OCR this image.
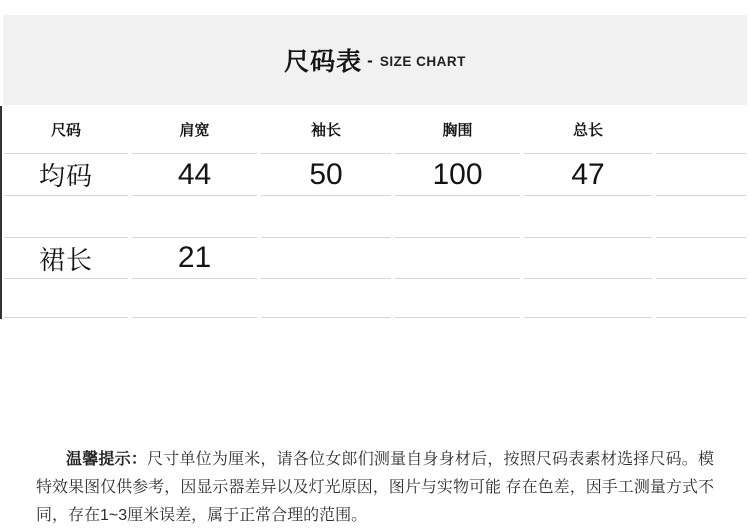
尺码表 - SIZE CHART
尺码	肩宽	袖长	胸围	总长	
均码	44	50	100	47	

裙长	21				

温馨提示：尺寸单位为厘米，请各位女郎们测量自身身材后，按照尺码表素材选择尺码。模特效果图仅供参考，因显示器差异以及灯光原因，图片与实物可能 存在色差，因手工测量方式不同，存在1~3厘米误差，属于正常合理的范围。
